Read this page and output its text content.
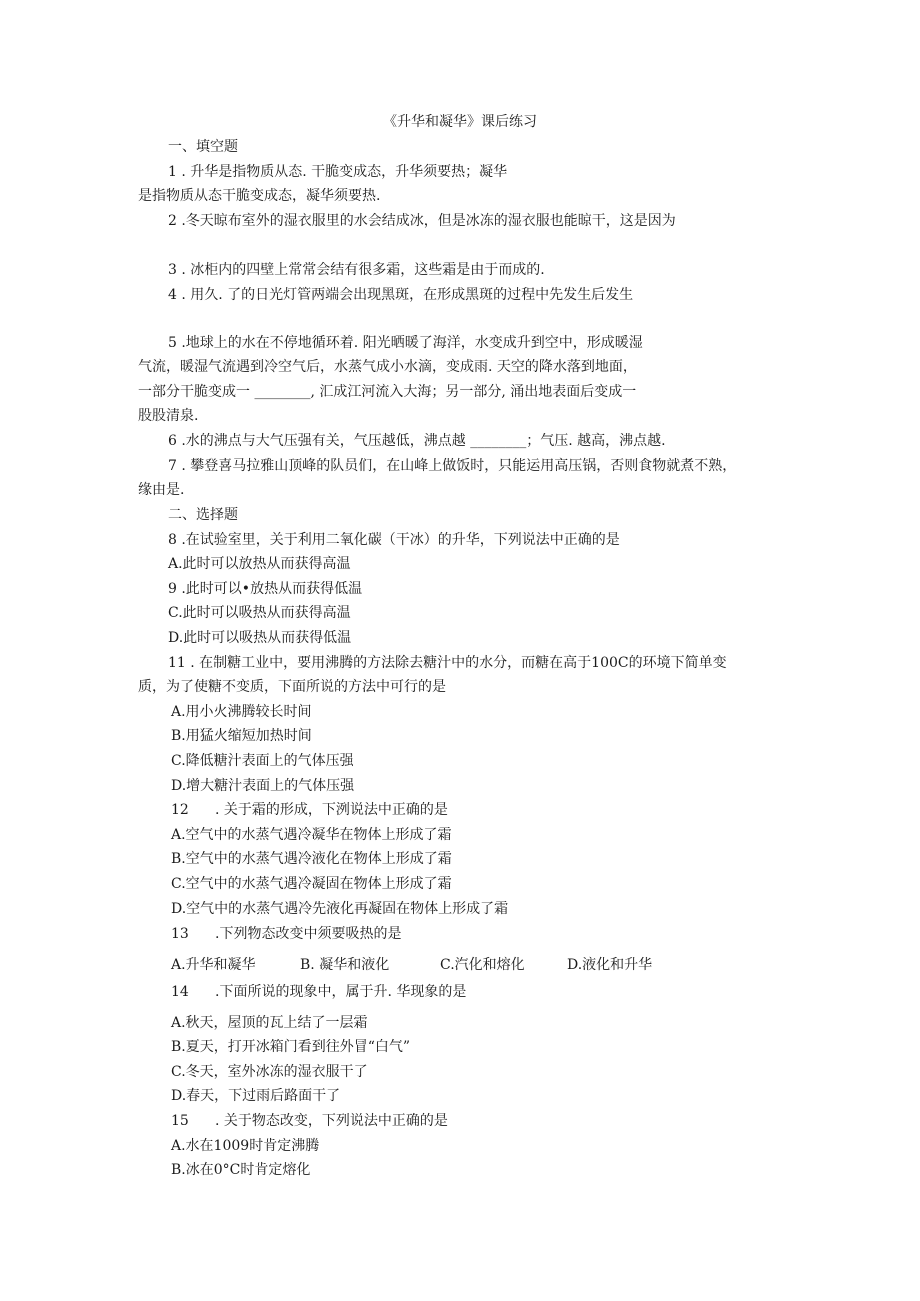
《升华和凝华》课后练习
一、填空题
1 . 升华是指物质从态. 干脆变成态，升华须要热；凝华
是指物质从态干脆变成态，凝华须要热.
2 .冬天晾布室外的湿衣服里的水会结成冰，但是冰冻的湿衣服也能晾干，这是因为
3 . 冰柜内的四壁上常常会结有很多霜，这些霜是由于而成的.
4 . 用久. 了的日光灯管两端会出现黑斑，在形成黑斑的过程中先发生后发生
5 .地球上的水在不停地循环着. 阳光晒暖了海洋，水变成升到空中，形成暖湿
气流，暖湿气流遇到冷空气后，水蒸气成小水滴，变成雨. 天空的降水落到地面，
一部分干脆变成一 ________, 汇成江河流入大海；另一部分, 涌出地表面后变成一
股股清泉.
6 .水的沸点与大气压强有关，气压越低，沸点越 ________；气压. 越高，沸点越.
7 . 攀登喜马拉雅山顶峰的队员们，在山峰上做饭时，只能运用高压锅，否则食物就煮不熟，
缘由是.
二、选择题
8 .在试验室里，关于利用二氧化碳（干冰）的升华，下列说法中正确的是
A.此时可以放热从而获得高温
9 .此时可以•放热从而获得低温
C.此时可以吸热从而获得高温
D.此时可以吸热从而获得低温
11 . 在制糖工业中，要用沸腾的方法除去糖汁中的水分，而糖在高于100C的环境下简单变
质，为了使糖不变质，下面所说的方法中可行的是
A.用小火沸腾较长时间
B.用猛火缩短加热时间
C.降低糖汁表面上的气体压强
D.增大糖汁表面上的气体压强
12 . 关于霜的形成，下洌说法中正确的是
A.空气中的水蒸气遇冷凝华在物体上形成了霜
B.空气中的水蒸气遇冷液化在物体上形成了霜
C.空气中的水蒸气遇冷凝固在物体上形成了霜
D.空气中的水蒸气遇冷先液化再凝固在物体上形成了霜
13 .下列物态改变中须要吸热的是
A.升华和凝华	B. 凝华和液化	C.汽化和熔化	D.液化和升华
14 .下面所说的现象中，属于升. 华现象的是
A.秋天，屋顶的瓦上结了一层霜
B.夏天，打开冰箱门看到往外冒“白气”
C.冬天，室外冰冻的湿衣服干了
D.春天，下过雨后路面干了
15 . 关于物态改变，下列说法中正确的是
A.水在1009时肯定沸腾
B.冰在0°C时肯定熔化
